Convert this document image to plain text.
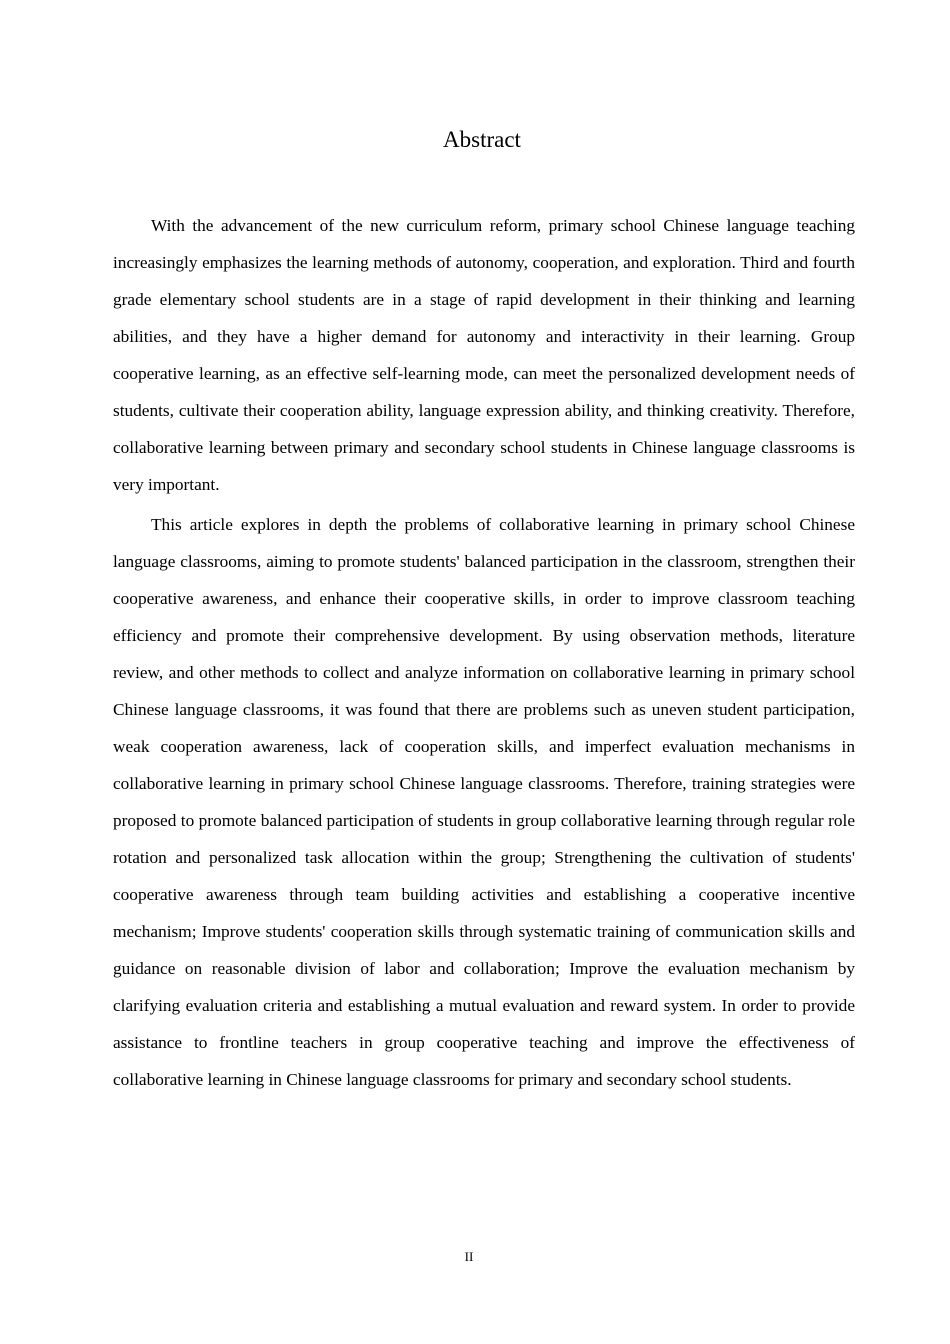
Abstract

With the advancement of the new curriculum reform, primary school Chinese language teaching increasingly emphasizes the learning methods of autonomy, cooperation, and exploration. Third and fourth grade elementary school students are in a stage of rapid development in their thinking and learning abilities, and they have a higher demand for autonomy and interactivity in their learning. Group cooperative learning, as an effective self-learning mode, can meet the personalized development needs of students, cultivate their cooperation ability, language expression ability, and thinking creativity. Therefore, collaborative learning between primary and secondary school students in Chinese language classrooms is very important.

This article explores in depth the problems of collaborative learning in primary school Chinese language classrooms, aiming to promote students' balanced participation in the classroom, strengthen their cooperative awareness, and enhance their cooperative skills, in order to improve classroom teaching efficiency and promote their comprehensive development. By using observation methods, literature review, and other methods to collect and analyze information on collaborative learning in primary school Chinese language classrooms, it was found that there are problems such as uneven student participation, weak cooperation awareness, lack of cooperation skills, and imperfect evaluation mechanisms in collaborative learning in primary school Chinese language classrooms. Therefore, training strategies were proposed to promote balanced participation of students in group collaborative learning through regular role rotation and personalized task allocation within the group; Strengthening the cultivation of students' cooperative awareness through team building activities and establishing a cooperative incentive mechanism; Improve students' cooperation skills through systematic training of communication skills and guidance on reasonable division of labor and collaboration; Improve the evaluation mechanism by clarifying evaluation criteria and establishing a mutual evaluation and reward system. In order to provide assistance to frontline teachers in group cooperative teaching and improve the effectiveness of collaborative learning in Chinese language classrooms for primary and secondary school students.

II
